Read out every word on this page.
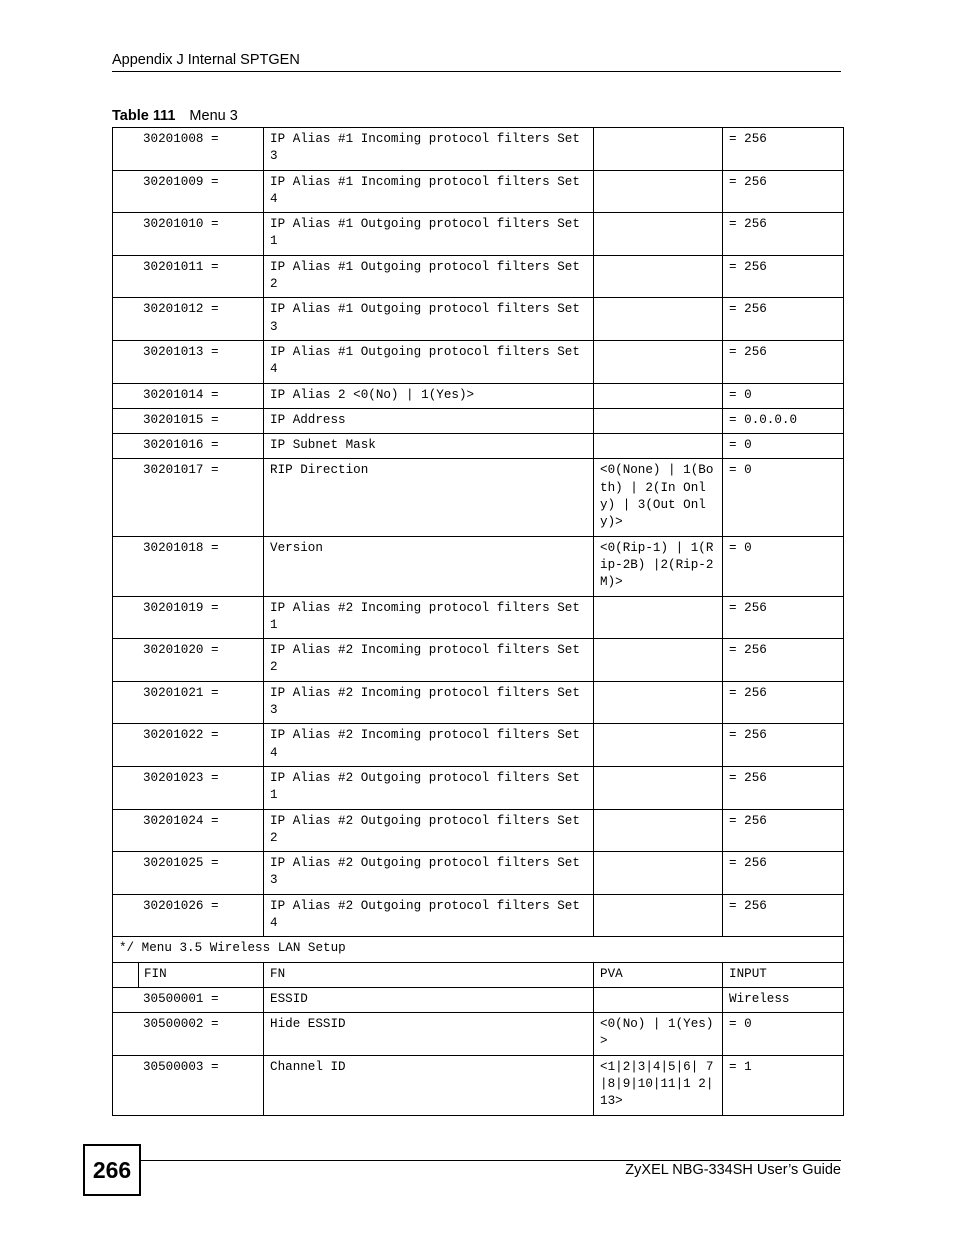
Appendix J Internal SPTGEN
Table 111 Menu 3
30201008 =		IP Alias #1 Incoming protocol filters Set 3		= 256
30201009 =		IP Alias #1 Incoming protocol filters Set 4		= 256
30201010 =		IP Alias #1 Outgoing protocol filters Set 1		= 256
30201011 =		IP Alias #1 Outgoing protocol filters Set 2		= 256
30201012 =		IP Alias #1 Outgoing protocol filters Set 3		= 256
30201013 =		IP Alias #1 Outgoing protocol filters Set 4		= 256
30201014 =		IP Alias 2 <0(No) | 1(Yes)>		= 0
30201015 =		IP Address		= 0.0.0.0
30201016 =		IP Subnet Mask		= 0
30201017 =		RIP Direction	<0(None) | 1(Both) | 2(In Only) | 3(Out Only)>	= 0
30201018 =		Version	<0(Rip-1) | 1(Rip-2B) |2(Rip-2M)>	= 0
30201019 =		IP Alias #2 Incoming protocol filters Set 1		= 256
30201020 =		IP Alias #2 Incoming protocol filters Set 2		= 256
30201021 =		IP Alias #2 Incoming protocol filters Set 3		= 256
30201022 =		IP Alias #2 Incoming protocol filters Set 4		= 256
30201023 =		IP Alias #2 Outgoing protocol filters Set 1		= 256
30201024 =		IP Alias #2 Outgoing protocol filters Set 2		= 256
30201025 =		IP Alias #2 Outgoing protocol filters Set 3		= 256
30201026 =		IP Alias #2 Outgoing protocol filters Set 4		= 256
*/ Menu 3.5 Wireless LAN Setup				
	FIN	FN	PVA	INPUT
30500001 =		ESSID		Wireless
30500002 =		Hide ESSID	<0(No) | 1(Yes)>	= 0
30500003 =		Channel ID	<1|2|3|4|5|6| 7|8|9|10|11|1 2|13>	= 1
266	ZyXEL NBG-334SH User’s Guide
